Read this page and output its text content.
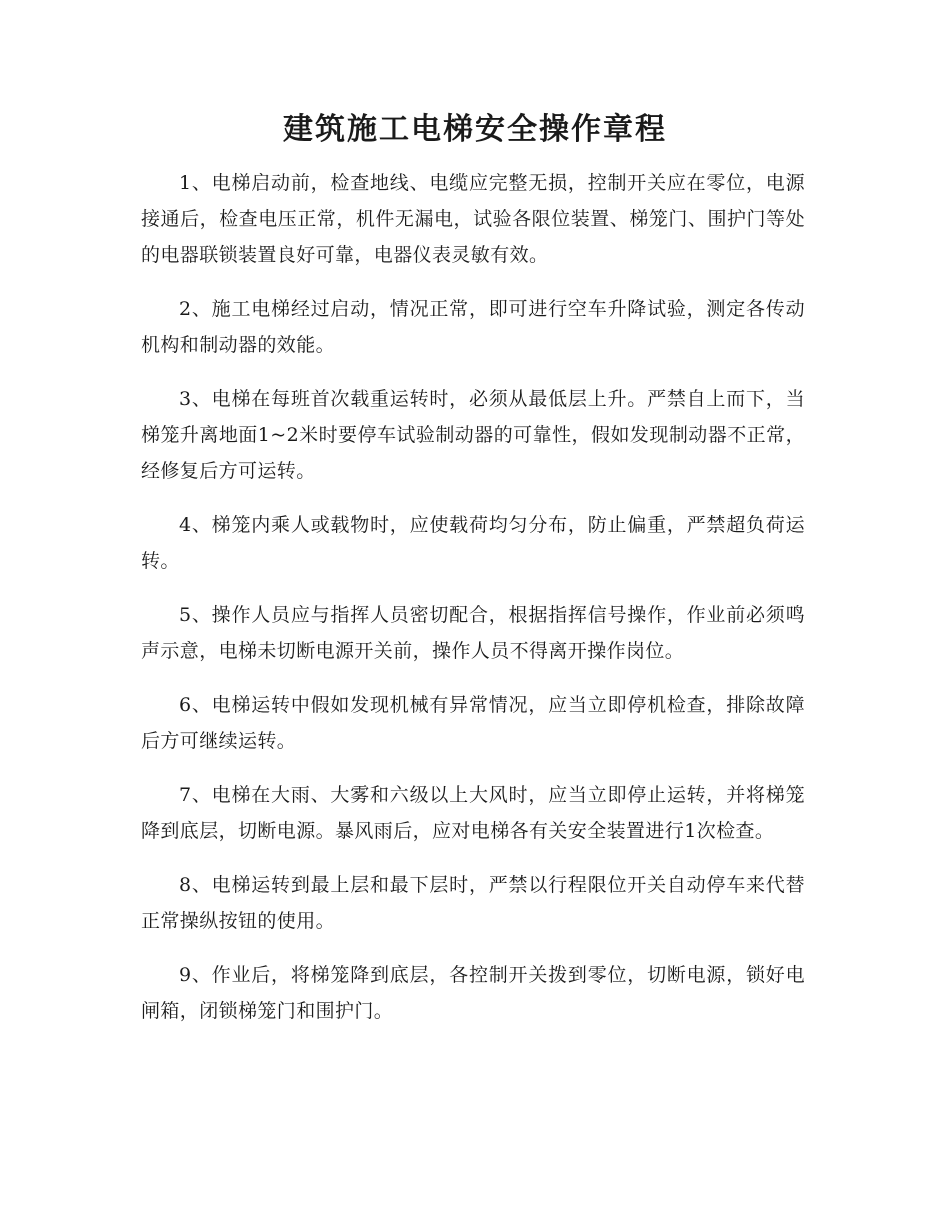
建筑施工电梯安全操作章程

1、电梯启动前，检查地线、电缆应完整无损，控制开关应在零位，电源接通后，检查电压正常，机件无漏电，试验各限位装置、梯笼门、围护门等处的电器联锁装置良好可靠，电器仪表灵敏有效。

2、施工电梯经过启动，情况正常，即可进行空车升降试验，测定各传动机构和制动器的效能。

3、电梯在每班首次载重运转时，必须从最低层上升。严禁自上而下，当梯笼升离地面1~2米时要停车试验制动器的可靠性，假如发现制动器不正常，经修复后方可运转。

4、梯笼内乘人或载物时，应使载荷均匀分布，防止偏重，严禁超负荷运转。

5、操作人员应与指挥人员密切配合，根据指挥信号操作，作业前必须鸣声示意，电梯未切断电源开关前，操作人员不得离开操作岗位。

6、电梯运转中假如发现机械有异常情况，应当立即停机检查，排除故障后方可继续运转。

7、电梯在大雨、大雾和六级以上大风时，应当立即停止运转，并将梯笼降到底层，切断电源。暴风雨后，应对电梯各有关安全装置进行1次检查。

8、电梯运转到最上层和最下层时，严禁以行程限位开关自动停车来代替正常操纵按钮的使用。

9、作业后，将梯笼降到底层，各控制开关拨到零位，切断电源，锁好电闸箱，闭锁梯笼门和围护门。
